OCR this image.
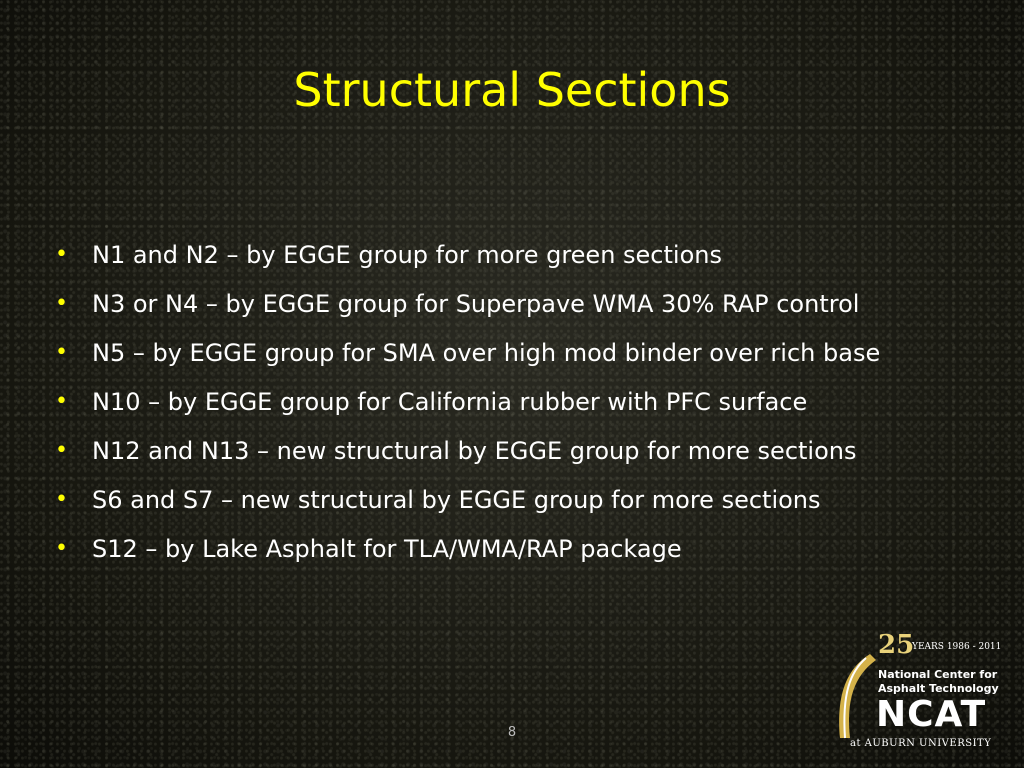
Structural Sections
• N1 and N2 – by EGGE group for more green sections
• N3 or N4 – by EGGE group for Superpave WMA 30% RAP control
• N5 – by EGGE group for SMA over high mod binder over rich base
• N10 – by EGGE group for California rubber with PFC surface
• N12 and N13 – new structural by EGGE group for more sections
• S6 and S7 – new structural by EGGE group for more sections
• S12 – by Lake Asphalt for TLA/WMA/RAP package
8
25
YEARS 1986 - 2011
National Center for
Asphalt Technology
NCAT
at AUBURN UNIVERSITY
